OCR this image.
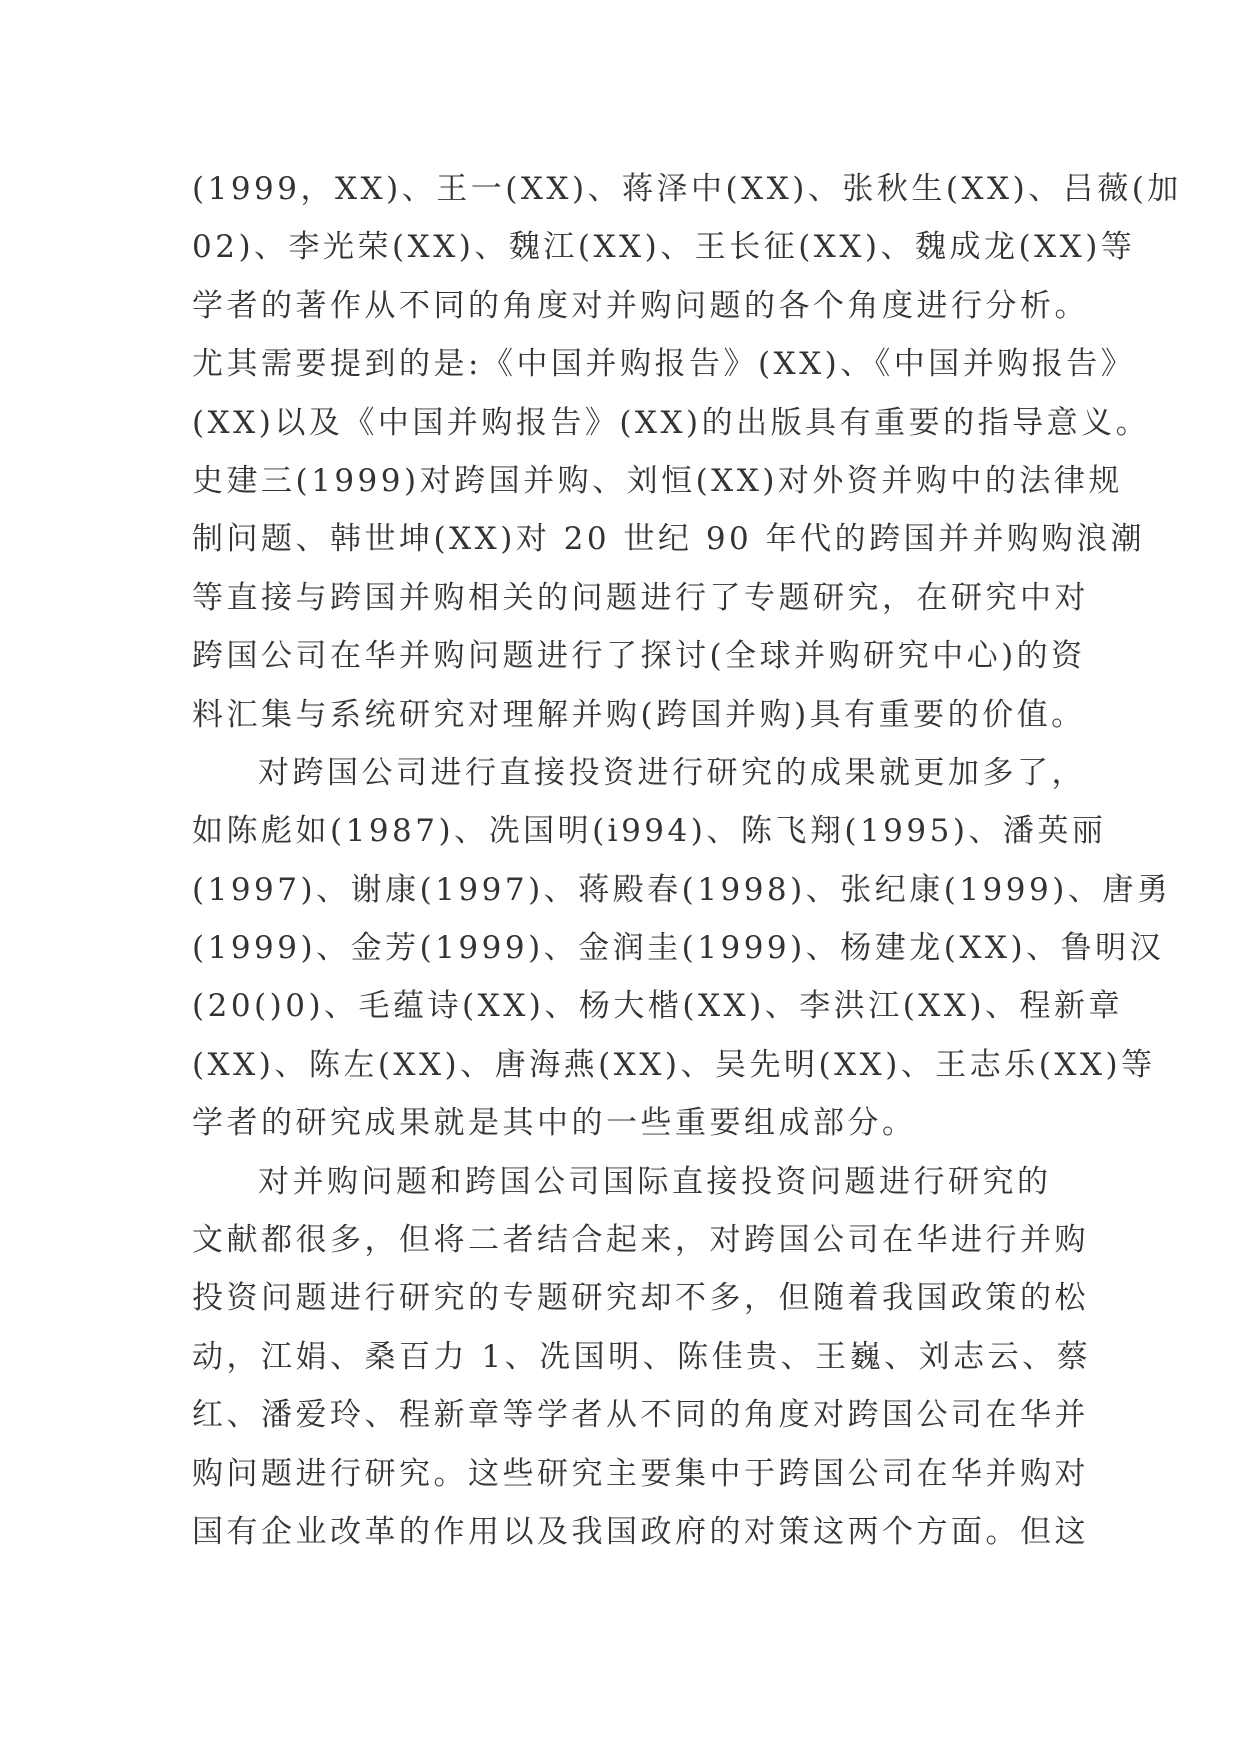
(1999，XX)、王一(XX)、蒋泽中(XX)、张秋生(XX)、吕薇(加
02)、李光荣(XX)、魏江(XX)、王长征(XX)、魏成龙(XX)等
学者的著作从不同的角度对并购问题的各个角度进行分析。
尤其需要提到的是:《中国并购报告》(XX)、《中国并购报告》
(XX)以及《中国并购报告》(XX)的出版具有重要的指导意义。
史建三(1999)对跨国并购、刘恒(XX)对外资并购中的法律规
制问题、韩世坤(XX)对 20 世纪 90 年代的跨国并并购购浪潮
等直接与跨国并购相关的问题进行了专题研究，在研究中对
跨国公司在华并购问题进行了探讨(全球并购研究中心)的资
料汇集与系统研究对理解并购(跨国并购)具有重要的价值。
对跨国公司进行直接投资进行研究的成果就更加多了，
如陈彪如(1987)、冼国明(i994)、陈飞翔(1995)、潘英丽
(1997)、谢康(1997)、蒋殿春(1998)、张纪康(1999)、唐勇
(1999)、金芳(1999)、金润圭(1999)、杨建龙(XX)、鲁明汉
(20()0)、毛蕴诗(XX)、杨大楷(XX)、李洪江(XX)、程新章
(XX)、陈左(XX)、唐海燕(XX)、吴先明(XX)、王志乐(XX)等
学者的研究成果就是其中的一些重要组成部分。
对并购问题和跨国公司国际直接投资问题进行研究的
文献都很多，但将二者结合起来，对跨国公司在华进行并购
投资问题进行研究的专题研究却不多，但随着我国政策的松
动，江娟、桑百力 1、冼国明、陈佳贵、王巍、刘志云、蔡
红、潘爱玲、程新章等学者从不同的角度对跨国公司在华并
购问题进行研究。这些研究主要集中于跨国公司在华并购对
国有企业改革的作用以及我国政府的对策这两个方面。但这
